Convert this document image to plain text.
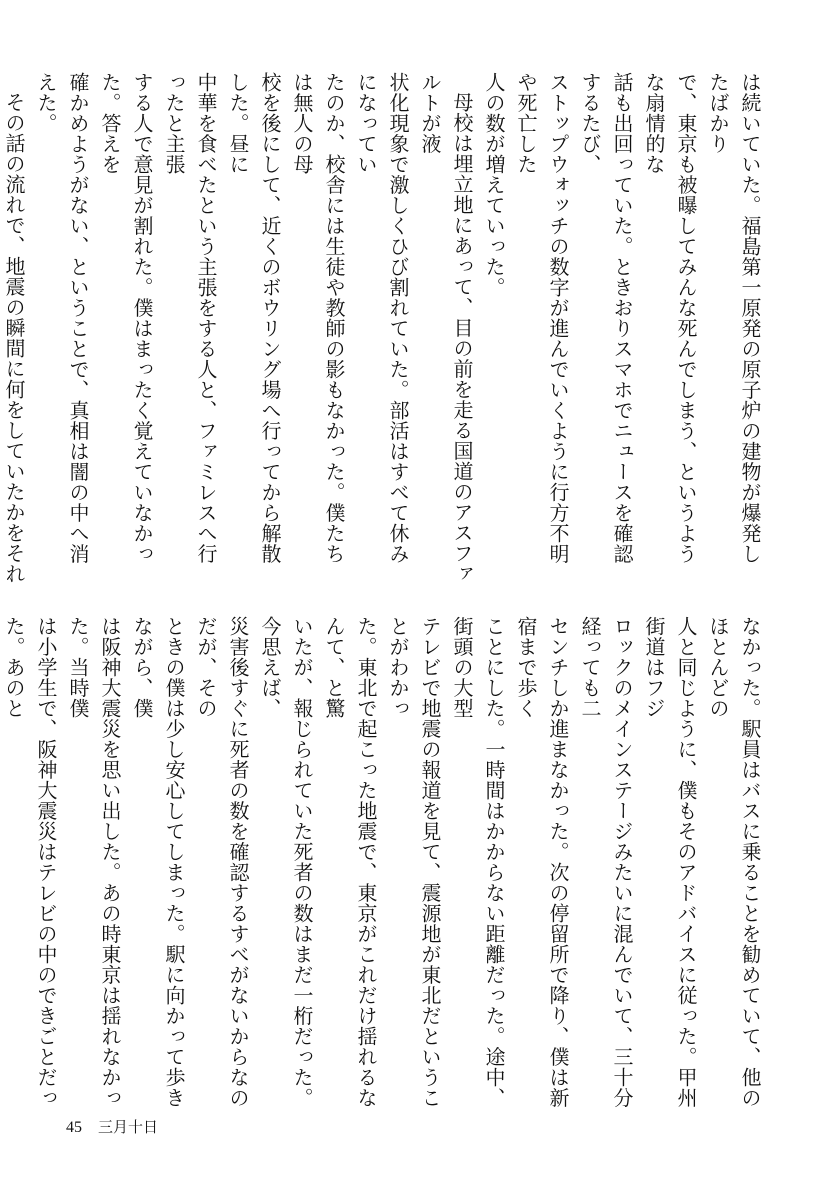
は続いていた。福島第一原発の原子炉の建物が爆発したばかり
で、東京も被曝してみんな死んでしまう、というような扇情的な
話も出回っていた。ときおりスマホでニュースを確認するたび、
ストップウォッチの数字が進んでいくように行方不明や死亡した
人の数が増えていった。

母校は埋立地にあって、目の前を走る国道のアスファルトが液
状化現象で激しくひび割れていた。部活はすべて休みになってい
たのか、校舎には生徒や教師の影もなかった。僕たちは無人の母
校を後にして、近くのボウリング場へ行ってから解散した。昼に
中華を食べたという主張をする人と、ファミレスへ行ったと主張
する人で意見が割れた。僕はまったく覚えていなかった。答えを
確かめようがない、ということで、真相は闇の中へ消えた。

その話の流れで、地震の瞬間に何をしていたかをそれ

なかった。駅員はバスに乗ることを勧めていて、他のほとんどの
人と同じように、僕もそのアドバイスに従った。甲州街道はフジ
ロックのメインステージみたいに混んでいて、三十分経っても二
センチしか進まなかった。次の停留所で降り、僕は新宿まで歩く
ことにした。一時間はかからない距離だった。途中、街頭の大型
テレビで地震の報道を見て、震源地が東北だということがわかっ
た。東北で起こった地震で、東京がこれだけ揺れるなんて、と驚
いたが、報じられていた死者の数はまだ一桁だった。今思えば、
災害後すぐに死者の数を確認するすべがないからなのだが、その
ときの僕は少し安心してしまった。駅に向かって歩きながら、僕
は阪神大震災を思い出した。あの時東京は揺れなかった。当時僕
は小学生で、阪神大震災はテレビの中のできごとだった。あのと

45 三月十日
